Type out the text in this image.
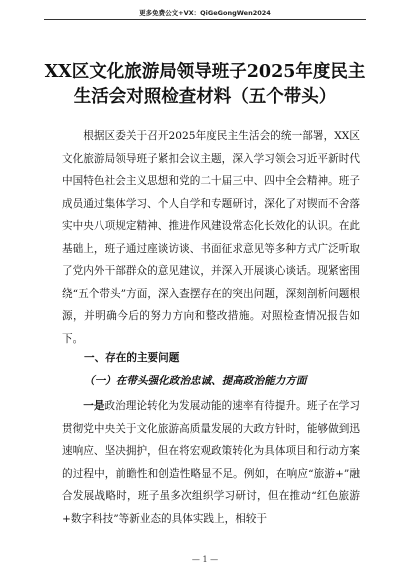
更多免费公文+VX：QiGeGongWen2024
XX区文化旅游局领导班子2025年度民主
生活会对照检查材料（五个带头）
根据区委关于召开2025年度民主生活会的统一部署，XX区文化旅游局领导班子紧扣会议主题，深入学习领会习近平新时代中国特色社会主义思想和党的二十届三中、四中全会精神。班子成员通过集体学习、个人自学和专题研讨，深化了对锲而不舍落实中央八项规定精神、推进作风建设常态化长效化的认识。在此基础上，班子通过座谈访谈、书面征求意见等多种方式广泛听取了党内外干部群众的意见建议，并深入开展谈心谈话。现紧密围绕“五个带头”方面，深入查摆存在的突出问题，深刻剖析问题根源，并明确今后的努力方向和整改措施。对照检查情况报告如下。
一、存在的主要问题
（一）在带头强化政治忠诚、提高政治能力方面
一是政治理论转化为发展动能的速率有待提升。班子在学习贯彻党中央关于文化旅游高质量发展的大政方针时，能够做到迅速响应、坚决拥护，但在将宏观政策转化为具体项目和行动方案的过程中，前瞻性和创造性略显不足。例如，在响应“旅游+”融合发展战略时，班子虽多次组织学习研讨，但在推动“红色旅游+数字科技”等新业态的具体实践上，相较于
— 1 —
